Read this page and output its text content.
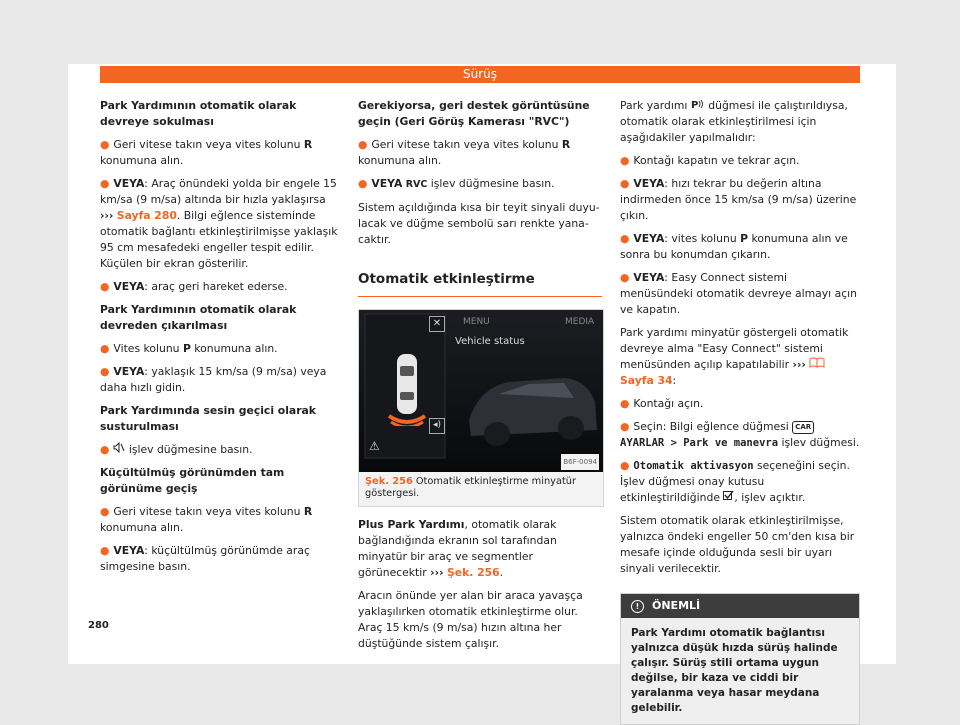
Sürüş
Park Yardımının otomatik olarak devreye sokulması
● Geri vitese takın veya vites kolunu R konumuna alın.
● VEYA: Araç önündeki yolda bir engele 15 km/sa (9 m/sa) altında bir hızla yaklaşırsa ››› Sayfa 280. Bilgi eğlence sisteminde otomatik bağlantı etkinleştirilmişse yaklaşık 95 cm mesafedeki engeller tespit edilir. Küçülen bir ekran gösterilir.
● VEYA: araç geri hareket ederse.
Park Yardımının otomatik olarak devreden çıkarılması
● Vites kolunu P konumuna alın.
● VEYA: yaklaşık 15 km/sa (9 m/sa) veya daha hızlı gidin.
Park Yardımında sesin geçici olarak susturulması
● işlev düğmesine basın.
Küçültülmüş görünümden tam görünüme geçiş
● Geri vitese takın veya vites kolunu R konumuna alın.
● VEYA: küçültülmüş görünümde araç simgesine basın.
Gerekiyorsa, geri destek görüntüsüne geçin (Geri Görüş Kamerası "RVC")
● Geri vitese takın veya vites kolunu R konumuna alın.
● VEYA RVC işlev düğmesine basın.

Sistem açıldığında kısa bir teyit sinyali duyulacak ve düğme sembolü sarı renkte yanacaktır.

Otomatik etkinleştirme
✕
◂)
⚠
MENU	MEDIA
Vehicle status
B6F-0094
Şek. 256 Otomatik etkinleştirme minyatür göstergesi.

Plus Park Yardımı, otomatik olarak bağlandığında ekranın sol tarafından minyatür bir araç ve segmentler görünecektir ››› Şek. 256.

Aracın önünde yer alan bir araca yavaşça yaklaşılırken otomatik etkinleştirme olur. Araç 15 km/s (9 m/sa) hızın altına her düştüğünde sistem çalışır.

Park yardımı P düğmesi ile çalıştırıldıysa, otomatik olarak etkinleştirilmesi için aşağıdakiler yapılmalıdır:

● Kontağı kapatın ve tekrar açın.
● VEYA: hızı tekrar bu değerin altına indirmeden önce 15 km/sa (9 m/sa) üzerine çıkın.
● VEYA: vites kolunu P konumuna alın ve sonra bu konumdan çıkarın.
● VEYA: Easy Connect sistemi menüsündeki otomatik devreye almayı açın ve kapatın.

Park yardımı minyatür göstergeli otomatik devreye alma "Easy Connect" sistemi menüsünden açılıp kapatılabilir ›››  Sayfa 34:

● Kontağı açın.
● Seçin: Bilgi eğlence düğmesi CAR AYARLAR > Park ve manevra işlev düğmesi.
● Otomatik aktivasyon seçeneğini seçin. İşlev düğmesi onay kutusu etkinleştirildiğinde , işlev açıktır.

Sistem otomatik olarak etkinleştirilmişse, yalnızca öndeki engeller 50 cm'den kısa bir mesafe içinde olduğunda sesli bir uyarı sinyali verilecektir.

! ÖNEMLİ
Park Yardımı otomatik bağlantısı yalnızca düşük hızda sürüş halinde çalışır. Sürüş stili ortama uygun değilse, bir kaza ve ciddi bir yaralanma veya hasar meydana gelebilir.
280
